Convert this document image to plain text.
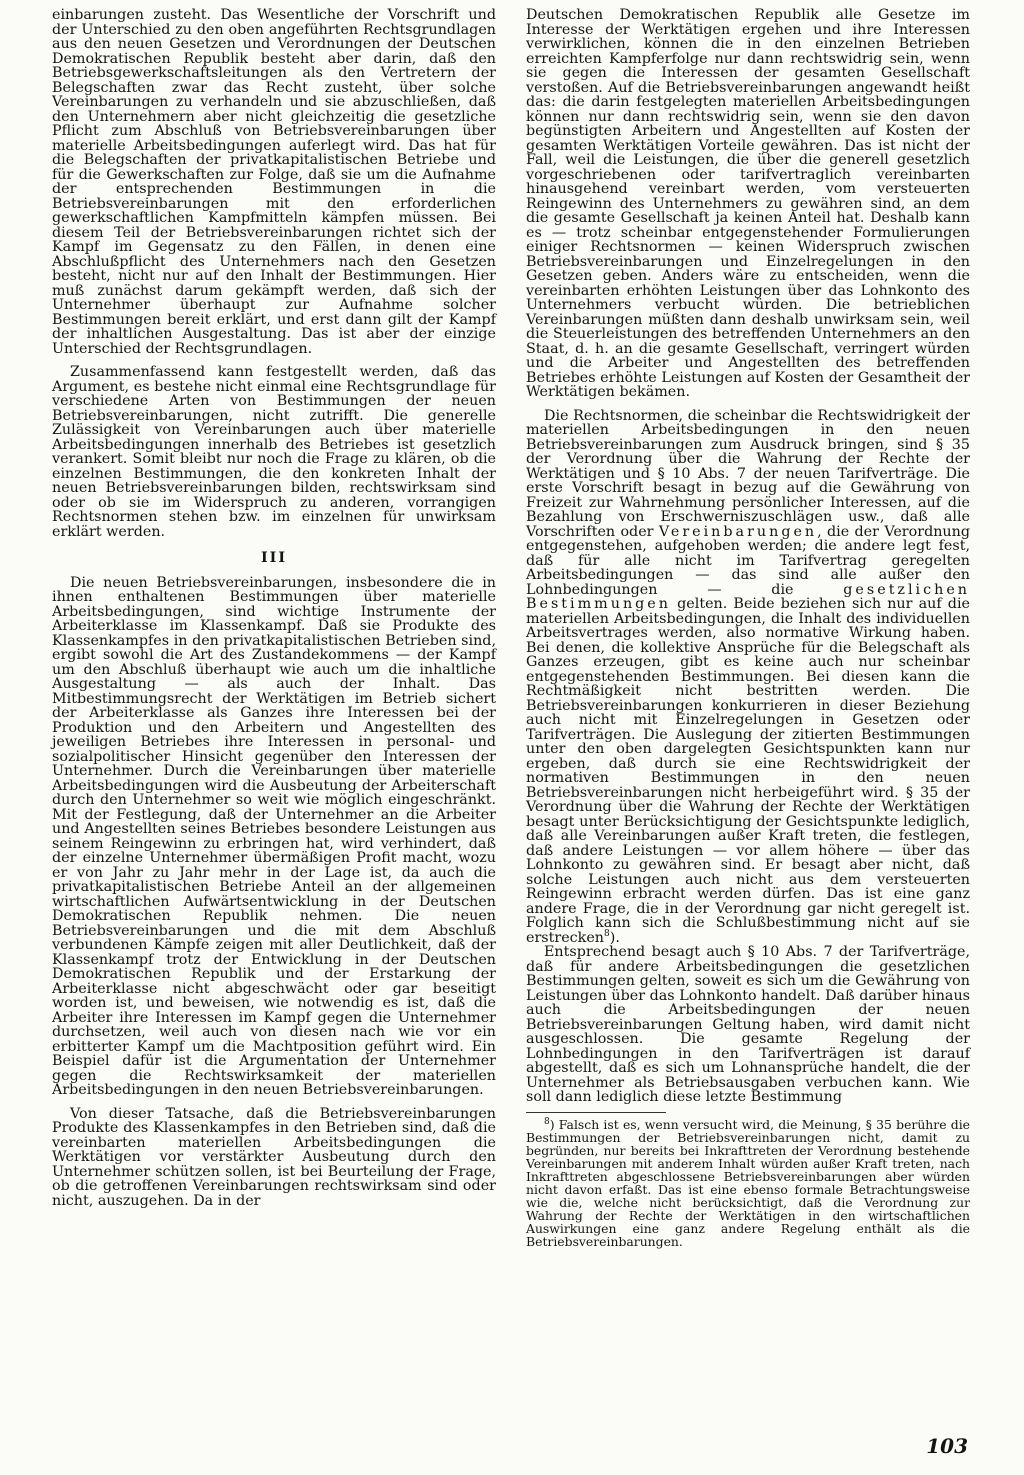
einbarungen zusteht. Das Wesentliche der Vorschrift und der Unterschied zu den oben angeführten Rechtsgrundlagen aus den neuen Gesetzen und Verordnungen der Deutschen Demokratischen Republik besteht aber darin, daß den Betriebsgewerkschaftsleitungen als den Vertretern der Belegschaften zwar das Recht zusteht, über solche Vereinbarungen zu verhandeln und sie abzuschließen, daß den Unternehmern aber nicht gleichzeitig die gesetzliche Pflicht zum Abschluß von Betriebsvereinbarungen über materielle Arbeitsbedingungen auferlegt wird. Das hat für die Belegschaften der privatkapitalistischen Betriebe und für die Gewerkschaften zur Folge, daß sie um die Aufnahme der entsprechenden Bestimmungen in die Betriebsvereinbarungen mit den erforderlichen gewerkschaftlichen Kampfmitteln kämpfen müssen. Bei diesem Teil der Betriebsvereinbarungen richtet sich der Kampf im Gegensatz zu den Fällen, in denen eine Abschlußpflicht des Unternehmers nach den Gesetzen besteht, nicht nur auf den Inhalt der Bestimmungen. Hier muß zunächst darum gekämpft werden, daß sich der Unternehmer überhaupt zur Aufnahme solcher Bestimmungen bereit erklärt, und erst dann gilt der Kampf der inhaltlichen Ausgestaltung. Das ist aber der einzige Unterschied der Rechtsgrundlagen.

Zusammenfassend kann festgestellt werden, daß das Argument, es bestehe nicht einmal eine Rechtsgrundlage für verschiedene Arten von Bestimmungen der neuen Betriebsvereinbarungen, nicht zutrifft. Die generelle Zulässigkeit von Vereinbarungen auch über materielle Arbeitsbedingungen innerhalb des Betriebes ist gesetzlich verankert. Somit bleibt nur noch die Frage zu klären, ob die einzelnen Bestimmungen, die den konkreten Inhalt der neuen Betriebsvereinbarungen bilden, rechtswirksam sind oder ob sie im Widerspruch zu anderen, vorrangigen Rechtsnormen stehen bzw. im einzelnen für unwirksam erklärt werden.

III

Die neuen Betriebsvereinbarungen, insbesondere die in ihnen enthaltenen Bestimmungen über materielle Arbeitsbedingungen, sind wichtige Instrumente der Arbeiterklasse im Klassenkampf. Daß sie Produkte des Klassenkampfes in den privatkapitalistischen Betrieben sind, ergibt sowohl die Art des Zustandekommens — der Kampf um den Abschluß überhaupt wie auch um die inhaltliche Ausgestaltung — als auch der Inhalt. Das Mitbestimmungsrecht der Werktätigen im Betrieb sichert der Arbeiterklasse als Ganzes ihre Interessen bei der Produktion und den Arbeitern und Angestellten des jeweiligen Betriebes ihre Interessen in personal- und sozialpolitischer Hinsicht gegenüber den Interessen der Unternehmer. Durch die Vereinbarungen über materielle Arbeitsbedingungen wird die Ausbeutung der Arbeiterschaft durch den Unternehmer so weit wie möglich eingeschränkt. Mit der Festlegung, daß der Unternehmer an die Arbeiter und Angestellten seines Betriebes besondere Leistungen aus seinem Reingewinn zu erbringen hat, wird verhindert, daß der einzelne Unternehmer übermäßigen Profit macht, wozu er von Jahr zu Jahr mehr in der Lage ist, da auch die privatkapitalistischen Betriebe Anteil an der allgemeinen wirtschaftlichen Aufwärtsentwicklung in der Deutschen Demokratischen Republik nehmen. Die neuen Betriebsvereinbarungen und die mit dem Abschluß verbundenen Kämpfe zeigen mit aller Deutlichkeit, daß der Klassenkampf trotz der Entwicklung in der Deutschen Demokratischen Republik und der Erstarkung der Arbeiterklasse nicht abgeschwächt oder gar beseitigt worden ist, und beweisen, wie notwendig es ist, daß die Arbeiter ihre Interessen im Kampf gegen die Unternehmer durchsetzen, weil auch von diesen nach wie vor ein erbitterter Kampf um die Machtposition geführt wird. Ein Beispiel dafür ist die Argumentation der Unternehmer gegen die Rechtswirksamkeit der materiellen Arbeitsbedingungen in den neuen Betriebsvereinbarungen.

Von dieser Tatsache, daß die Betriebsvereinbarungen Produkte des Klassenkampfes in den Betrieben sind, daß die vereinbarten materiellen Arbeitsbedingungen die Werktätigen vor verstärkter Ausbeutung durch den Unternehmer schützen sollen, ist bei Beurteilung der Frage, ob die getroffenen Vereinbarungen rechtswirksam sind oder nicht, auszugehen. Da in der

Deutschen Demokratischen Republik alle Gesetze im Interesse der Werktätigen ergehen und ihre Interessen verwirklichen, können die in den einzelnen Betrieben erreichten Kampferfolge nur dann rechtswidrig sein, wenn sie gegen die Interessen der gesamten Gesellschaft verstoßen. Auf die Betriebsvereinbarungen angewandt heißt das: die darin festgelegten materiellen Arbeitsbedingungen können nur dann rechtswidrig sein, wenn sie den davon begünstigten Arbeitern und Angestellten auf Kosten der gesamten Werktätigen Vorteile gewähren. Das ist nicht der Fall, weil die Leistungen, die über die generell gesetzlich vorgeschriebenen oder tarifvertraglich vereinbarten hinausgehend vereinbart werden, vom versteuerten Reingewinn des Unternehmers zu gewähren sind, an dem die gesamte Gesellschaft ja keinen Anteil hat. Deshalb kann es — trotz scheinbar entgegenstehender Formulierungen einiger Rechtsnormen — keinen Widerspruch zwischen Betriebsvereinbarungen und Einzelregelungen in den Gesetzen geben. Anders wäre zu entscheiden, wenn die vereinbarten erhöhten Leistungen über das Lohnkonto des Unternehmers verbucht würden. Die betrieblichen Vereinbarungen müßten dann deshalb unwirksam sein, weil die Steuerleistungen des betreffenden Unternehmers an den Staat, d. h. an die gesamte Gesellschaft, verringert würden und die Arbeiter und Angestellten des betreffenden Betriebes erhöhte Leistungen auf Kosten der Gesamtheit der Werktätigen bekämen.

Die Rechtsnormen, die scheinbar die Rechtswidrigkeit der materiellen Arbeitsbedingungen in den neuen Betriebsvereinbarungen zum Ausdruck bringen, sind § 35 der Verordnung über die Wahrung der Rechte der Werktätigen und § 10 Abs. 7 der neuen Tarifverträge. Die erste Vorschrift besagt in bezug auf die Gewährung von Freizeit zur Wahrnehmung persönlicher Interessen, auf die Bezahlung von Erschwerniszuschlägen usw., daß alle Vorschriften oder Vereinbarungen, die der Verordnung entgegenstehen, aufgehoben werden; die andere legt fest, daß für alle nicht im Tarifvertrag geregelten Arbeitsbedingungen — das sind alle außer den Lohnbedingungen — die gesetzlichen Bestimmungen gelten. Beide beziehen sich nur auf die materiellen Arbeitsbedingungen, die Inhalt des individuellen Arbeitsvertrages werden, also normative Wirkung haben. Bei denen, die kollektive Ansprüche für die Belegschaft als Ganzes erzeugen, gibt es keine auch nur scheinbar entgegenstehenden Bestimmungen. Bei diesen kann die Rechtmäßigkeit nicht bestritten werden. Die Betriebsvereinbarungen konkurrieren in dieser Beziehung auch nicht mit Einzelregelungen in Gesetzen oder Tarifverträgen. Die Auslegung der zitierten Bestimmungen unter den oben dargelegten Gesichtspunkten kann nur ergeben, daß durch sie eine Rechtswidrigkeit der normativen Bestimmungen in den neuen Betriebsvereinbarungen nicht herbeigeführt wird. § 35 der Verordnung über die Wahrung der Rechte der Werktätigen besagt unter Berücksichtigung der Gesichtspunkte lediglich, daß alle Vereinbarungen außer Kraft treten, die festlegen, daß andere Leistungen — vor allem höhere — über das Lohnkonto zu gewähren sind. Er besagt aber nicht, daß solche Leistungen auch nicht aus dem versteuerten Reingewinn erbracht werden dürfen. Das ist eine ganz andere Frage, die in der Verordnung gar nicht geregelt ist. Folglich kann sich die Schlußbestimmung nicht auf sie erstrecken$^8$).

Entsprechend besagt auch § 10 Abs. 7 der Tarifverträge, daß für andere Arbeitsbedingungen die gesetzlichen Bestimmungen gelten, soweit es sich um die Gewährung von Leistungen über das Lohnkonto handelt. Daß darüber hinaus auch die Arbeitsbedingungen der neuen Betriebsvereinbarungen Geltung haben, wird damit nicht ausgeschlossen. Die gesamte Regelung der Lohnbedingungen in den Tarifverträgen ist darauf abgestellt, daß es sich um Lohnansprüche handelt, die der Unternehmer als Betriebsausgaben verbuchen kann. Wie soll dann lediglich diese letzte Bestimmung

$^8$) Falsch ist es, wenn versucht wird, die Meinung, § 35 berühre die Bestimmungen der Betriebsvereinbarungen nicht, damit zu begründen, nur bereits bei Inkrafttreten der Verordnung bestehende Vereinbarungen mit anderem Inhalt würden außer Kraft treten, nach Inkrafttreten abgeschlossene Betriebsvereinbarungen aber würden nicht davon erfaßt. Das ist eine ebenso formale Betrachtungsweise wie die, welche nicht berücksichtigt, daß die Verordnung zur Wahrung der Rechte der Werktätigen in den wirtschaftlichen Auswirkungen eine ganz andere Regelung enthält als die Betriebsvereinbarungen.

103
